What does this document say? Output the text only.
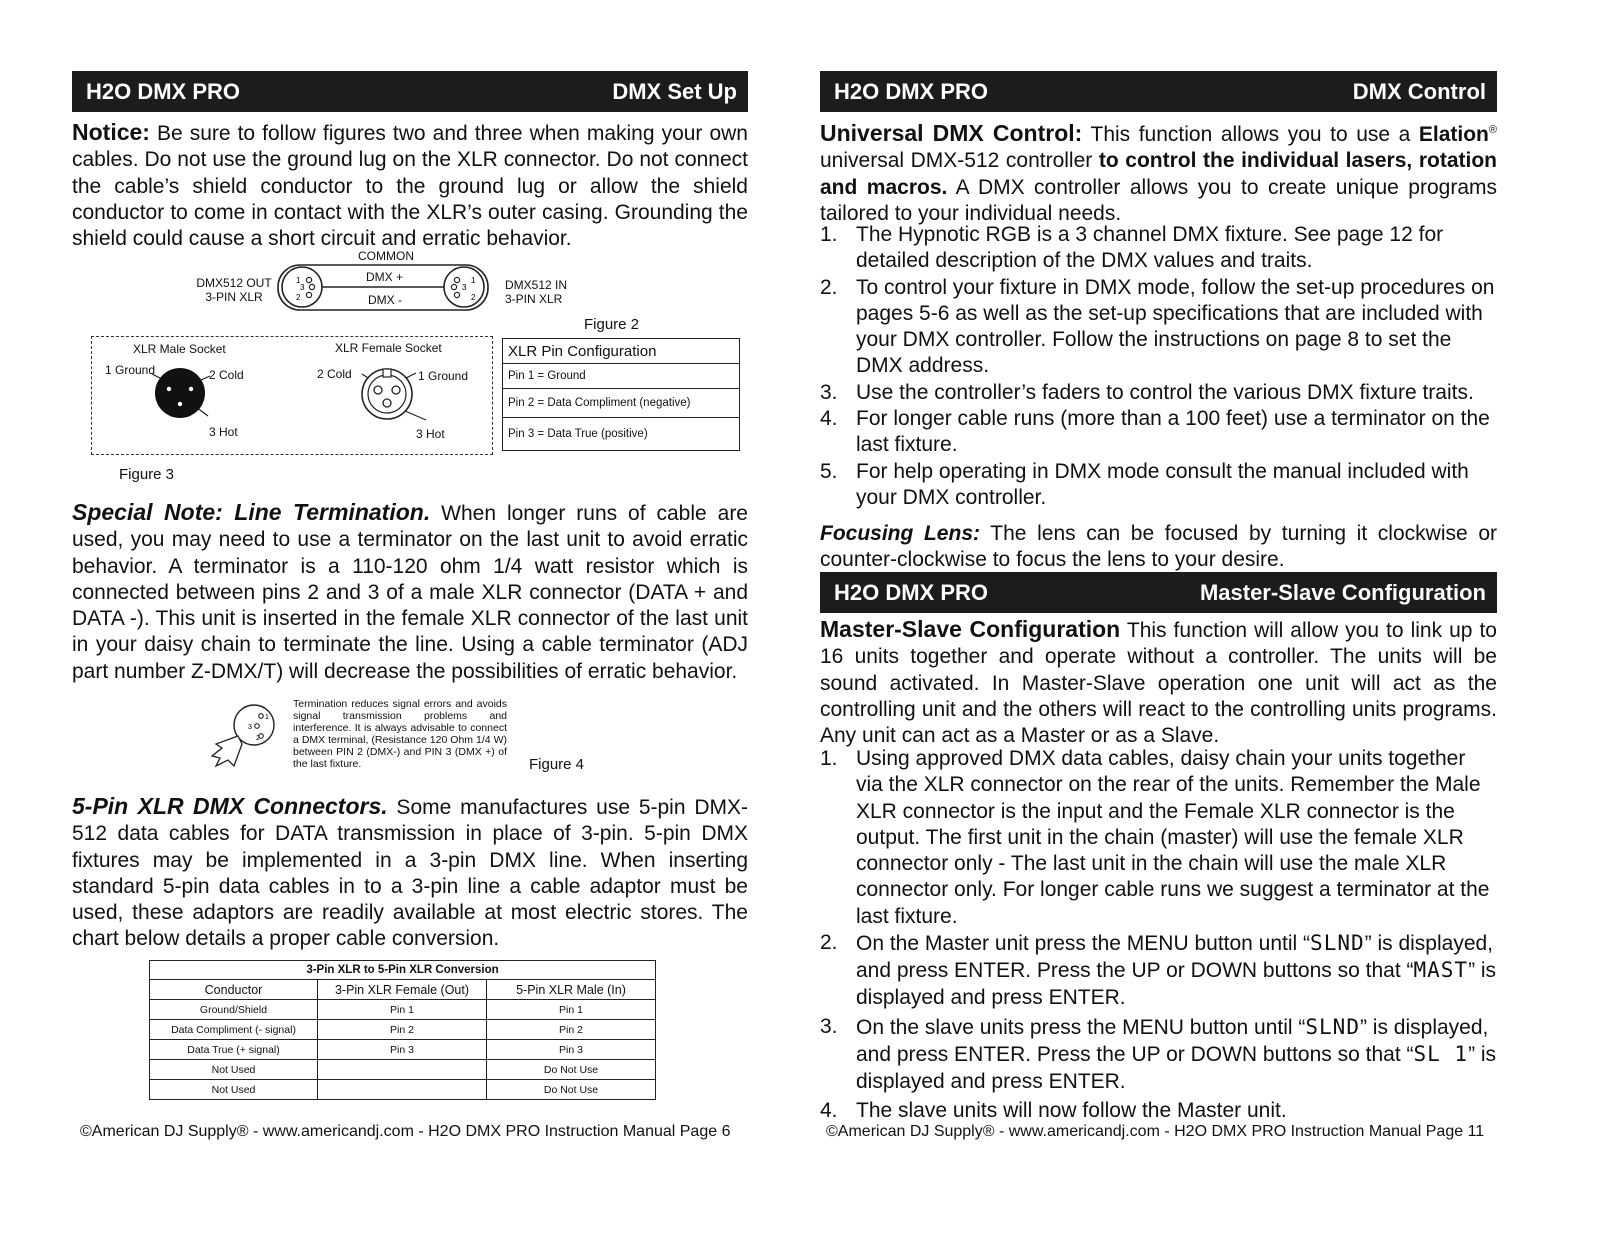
H2O DMX PRO	DMX Set Up

Notice: Be sure to follow figures two and three when making your own cables. Do not use the ground lug on the XLR connector. Do not connect the cable’s shield conductor to the ground lug or allow the shield conductor to come in contact with the XLR’s outer casing. Grounding the shield could cause a short circuit and erratic behavior.

COMMON
DMX512 OUT
3-PIN XLR
DMX512 IN
3-PIN XLR
1
3
2
1
3
2
DMX +
DMX -
Figure 2
XLR Male Socket	XLR Female Socket
1 Ground	2 Cold
3 Hot
2 Cold	1 Ground
3 Hot
Figure 3
XLR Pin Configuration
Pin 1 = Ground
Pin 2 = Data Compliment (negative)
Pin 3 = Data True (positive)

Special Note: Line Termination. When longer runs of cable are used, you may need to use a terminator on the last unit to avoid erratic behavior. A terminator is a 110-120 ohm 1/4 watt resistor which is connected between pins 2 and 3 of a male XLR connector (DATA + and DATA -). This unit is inserted in the female XLR connector of the last unit in your daisy chain to terminate the line. Using a cable terminator (ADJ part number Z-DMX/T) will decrease the possibilities of erratic behavior.

1
3
2
Termination reduces signal errors and avoids signal transmission problems and interference. It is always advisable to connect a DMX terminal, (Resistance 120 Ohm 1/4 W) between PIN 2 (DMX-) and PIN 3 (DMX +) of the last fixture.	Figure 4

5-Pin XLR DMX Connectors. Some manufactures use 5-pin DMX-512 data cables for DATA transmission in place of 3-pin. 5-pin DMX fixtures may be implemented in a 3-pin DMX line. When inserting standard 5-pin data cables in to a 3-pin line a cable adaptor must be used, these adaptors are readily available at most electric stores. The chart below details a proper cable conversion.

3-Pin XLR to 5-Pin XLR Conversion		
Conductor	3-Pin XLR Female (Out)	5-Pin XLR Male (In)
Ground/Shield	Pin 1	Pin 1
Data Compliment (- signal)	Pin 2	Pin 2
Data True (+ signal)	Pin 3	Pin 3
Not Used		Do Not Use
Not Used		Do Not Use
©American DJ Supply® - www.americandj.com - H2O DMX PRO Instruction Manual Page 6
H2O DMX PRO	DMX Control

Universal DMX Control: This function allows you to use a Elation® universal DMX-512 controller to control the individual lasers, rotation and macros. A DMX controller allows you to create unique programs tailored to your individual needs.

1. The Hypnotic RGB is a 3 channel DMX fixture. See page 12 for detailed description of the DMX values and traits.
2. To control your fixture in DMX mode, follow the set-up procedures on pages 5-6 as well as the set-up specifications that are included with your DMX controller. Follow the instructions on page 8 to set the DMX address.
3. Use the controller’s faders to control the various DMX fixture traits.
4. For longer cable runs (more than a 100 feet) use a terminator on the last fixture.
5. For help operating in DMX mode consult the manual included with your DMX controller.

Focusing Lens: The lens can be focused by turning it clockwise or counter-clockwise to focus the lens to your desire.

H2O DMX PRO	Master-Slave Configuration

Master-Slave Configuration This function will allow you to link up to 16 units together and operate without a controller. The units will be sound activated. In Master-Slave operation one unit will act as the controlling unit and the others will react to the controlling units programs. Any unit can act as a Master or as a Slave.

1. Using approved DMX data cables, daisy chain your units together via the XLR connector on the rear of the units. Remember the Male XLR connector is the input and the Female XLR connector is the output. The first unit in the chain (master) will use the female XLR connector only - The last unit in the chain will use the male XLR connector only. For longer cable runs we suggest a terminator at the last fixture.
2. On the Master unit press the MENU button until “SLND” is displayed, and press ENTER. Press the UP or DOWN buttons so that “MAST” is displayed and press ENTER.
3. On the slave units press the MENU button until “SLND” is displayed, and press ENTER. Press the UP or DOWN buttons so that “SL 1” is displayed and press ENTER.
4. The slave units will now follow the Master unit.
©American DJ Supply® - www.americandj.com - H2O DMX PRO Instruction Manual Page 11
